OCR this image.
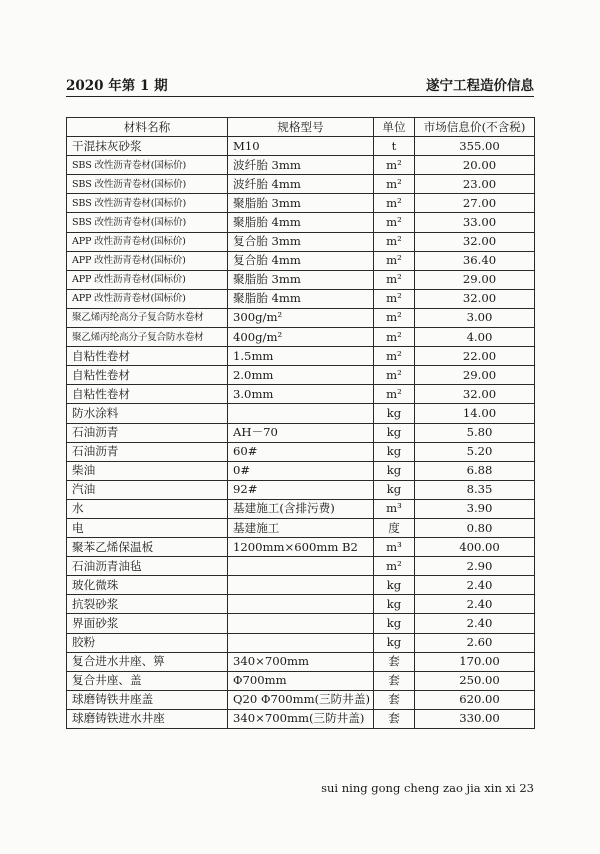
2020 年第 1 期	遂宁工程造价信息
材料名称	规格型号	单位	市场信息价(不含税)
干混抹灰砂浆	M10	t	355.00
SBS 改性沥青卷材(国标价)	波纤胎 3mm	m²	20.00
SBS 改性沥青卷材(国标价)	波纤胎 4mm	m²	23.00
SBS 改性沥青卷材(国标价)	聚脂胎 3mm	m²	27.00
SBS 改性沥青卷材(国标价)	聚脂胎 4mm	m²	33.00
APP 改性沥青卷材(国标价)	复合胎 3mm	m²	32.00
APP 改性沥青卷材(国标价)	复合胎 4mm	m²	36.40
APP 改性沥青卷材(国标价)	聚脂胎 3mm	m²	29.00
APP 改性沥青卷材(国标价)	聚脂胎 4mm	m²	32.00
聚乙烯丙纶高分子复合防水卷材	300g/m²	m²	3.00
聚乙烯丙纶高分子复合防水卷材	400g/m²	m²	4.00
自粘性卷材	1.5mm	m²	22.00
自粘性卷材	2.0mm	m²	29.00
自粘性卷材	3.0mm	m²	32.00
防水涂料		kg	14.00
石油沥青	AH－70	kg	5.80
石油沥青	60#	kg	5.20
柴油	0#	kg	6.88
汽油	92#	kg	8.35
水	基建施工(含排污费)	m³	3.90
电	基建施工	度	0.80
聚苯乙烯保温板	1200mm×600mm B2	m³	400.00
石油沥青油毡		m²	2.90
玻化微珠		kg	2.40
抗裂砂浆		kg	2.40
界面砂浆		kg	2.40
胶粉		kg	2.60
复合进水井座、箅	340×700mm	套	170.00
复合井座、盖	Φ700mm	套	250.00
球磨铸铁井座盖	Q20 Φ700mm(三防井盖)	套	620.00
球磨铸铁进水井座	340×700mm(三防井盖)	套	330.00
sui ning gong cheng zao jia xin xi 23
